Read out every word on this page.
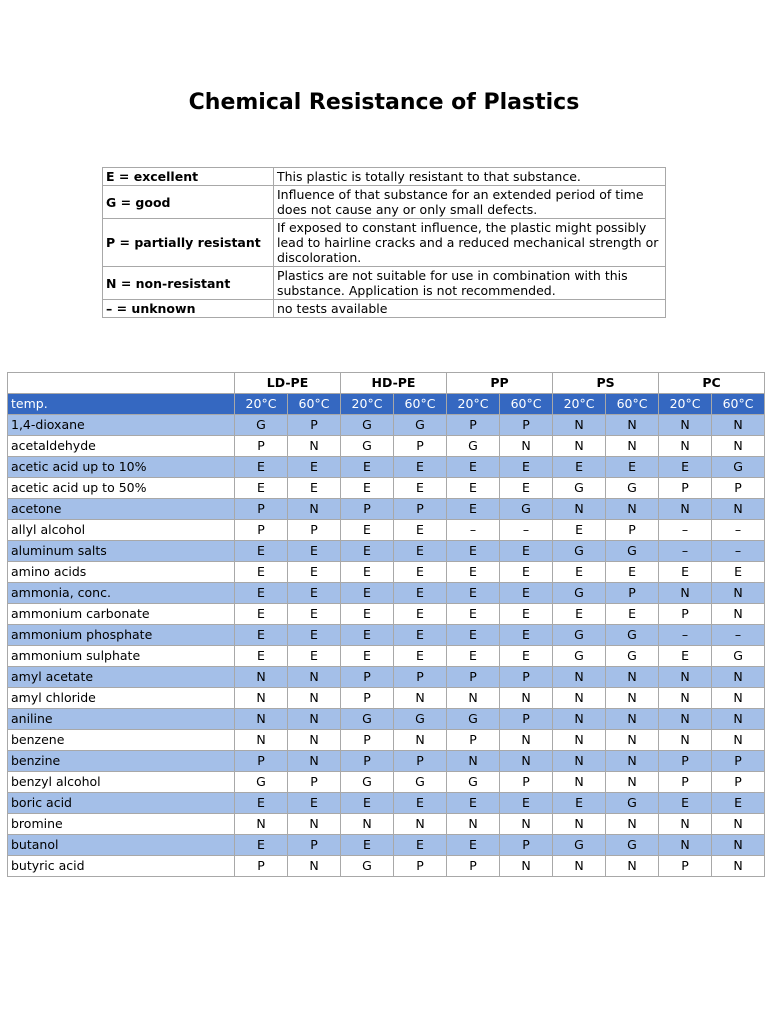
Chemical Resistance of Plastics
E = excellent	This plastic is totally resistant to that substance.
G = good	Influence of that substance for an extended period of time does not cause any or only small defects.
P = partially resistant	If exposed to constant influence, the plastic might possibly lead to hairline cracks and a reduced mechanical strength or discoloration.
N = non-resistant	Plastics are not suitable for use in combination with this substance. Application is not recommended.
– = unknown	no tests available
	LD-PE		HD-PE		PP		PS		PC	
temp.	20°C	60°C	20°C	60°C	20°C	60°C	20°C	60°C	20°C	60°C
1,4-dioxane	G	P	G	G	P	P	N	N	N	N
acetaldehyde	P	N	G	P	G	N	N	N	N	N
acetic acid up to 10%	E	E	E	E	E	E	E	E	E	G
acetic acid up to 50%	E	E	E	E	E	E	G	G	P	P
acetone	P	N	P	P	E	G	N	N	N	N
allyl alcohol	P	P	E	E	–	–	E	P	–	–
aluminum salts	E	E	E	E	E	E	G	G	–	–
amino acids	E	E	E	E	E	E	E	E	E	E
ammonia, conc.	E	E	E	E	E	E	G	P	N	N
ammonium carbonate	E	E	E	E	E	E	E	E	P	N
ammonium phosphate	E	E	E	E	E	E	G	G	–	–
ammonium sulphate	E	E	E	E	E	E	G	G	E	G
amyl acetate	N	N	P	P	P	P	N	N	N	N
amyl chloride	N	N	P	N	N	N	N	N	N	N
aniline	N	N	G	G	G	P	N	N	N	N
benzene	N	N	P	N	P	N	N	N	N	N
benzine	P	N	P	P	N	N	N	N	P	P
benzyl alcohol	G	P	G	G	G	P	N	N	P	P
boric acid	E	E	E	E	E	E	E	G	E	E
bromine	N	N	N	N	N	N	N	N	N	N
butanol	E	P	E	E	E	P	G	G	N	N
butyric acid	P	N	G	P	P	N	N	N	P	N
